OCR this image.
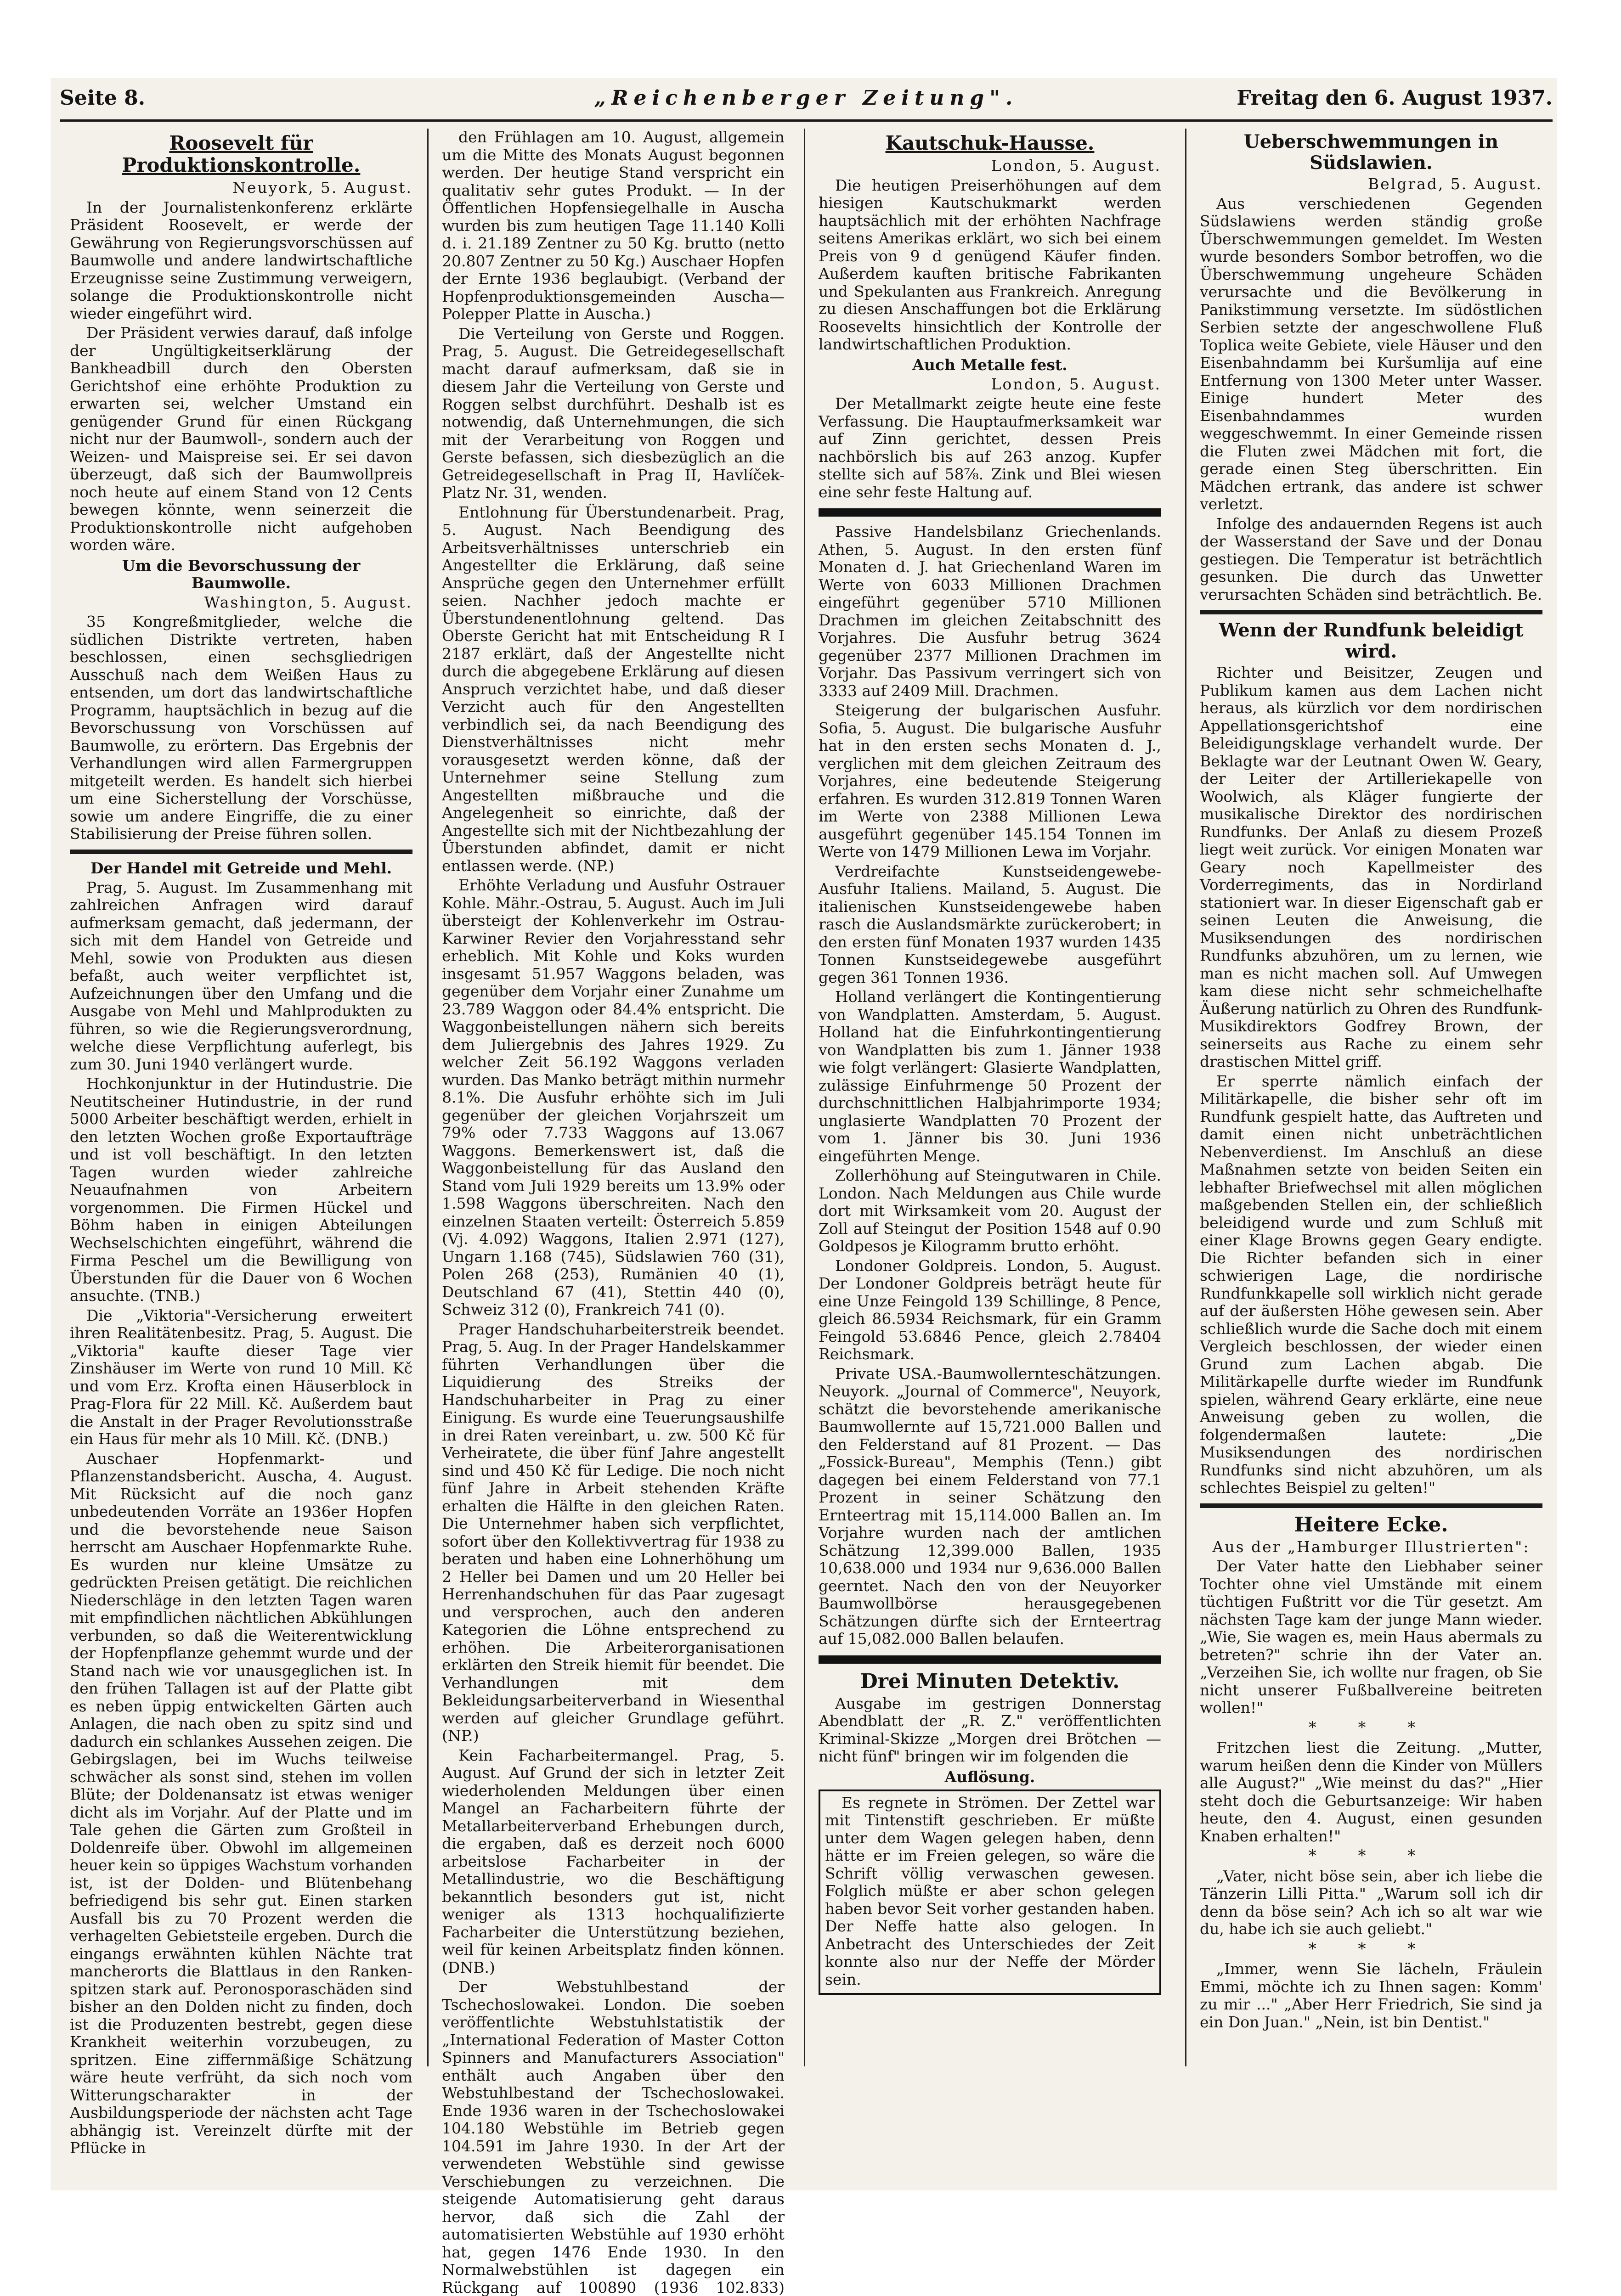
Seite 8.	„Reichenberger Zeitung".	Freitag den 6. August 1937.
Roosevelt für Produktionskontrolle.
Neuyork, 5. August.

In der Journalistenkonferenz erklärte Präsident Roosevelt, er werde der Gewährung von Regierungsvorschüssen auf Baumwolle und andere landwirtschaftliche Erzeugnisse seine Zustimmung verweigern, solange die Produktionskontrolle nicht wieder eingeführt wird.

Der Präsident verwies darauf, daß infolge der Ungültigkeitserklärung der Bankheadbill durch den Obersten Gerichtshof eine erhöhte Produktion zu erwarten sei, welcher Umstand ein genügender Grund für einen Rückgang nicht nur der Baumwoll-, sondern auch der Weizen- und Maispreise sei. Er sei davon überzeugt, daß sich der Baumwollpreis noch heute auf einem Stand von 12 Cents bewegen könnte, wenn seinerzeit die Produktionskontrolle nicht aufgehoben worden wäre.

Um die Bevorschussung der Baumwolle.
Washington, 5. August.

35 Kongreßmitglieder, welche die südlichen Distrikte vertreten, haben beschlossen, einen sechsgliedrigen Ausschuß nach dem Weißen Haus zu entsenden, um dort das landwirtschaftliche Programm, hauptsächlich in bezug auf die Bevorschussung von Vorschüssen auf Baumwolle, zu erörtern. Das Ergebnis der Verhandlungen wird allen Farmergruppen mitgeteilt werden. Es handelt sich hierbei um eine Sicherstellung der Vorschüsse, sowie um andere Eingriffe, die zu einer Stabilisierung der Preise führen sollen.

Der Handel mit Getreide und Mehl.

Prag, 5. August. Im Zusammenhang mit zahlreichen Anfragen wird darauf aufmerksam gemacht, daß jedermann, der sich mit dem Handel von Getreide und Mehl, sowie von Produkten aus diesen befaßt, auch weiter verpflichtet ist, Aufzeichnungen über den Umfang und die Ausgabe von Mehl und Mahlprodukten zu führen, so wie die Regierungsverordnung, welche diese Verpflichtung auferlegt, bis zum 30. Juni 1940 verlängert wurde.

Hochkonjunktur in der Hutindustrie. Die Neutitscheiner Hutindustrie, in der rund 5000 Arbeiter beschäftigt werden, erhielt in den letzten Wochen große Exportaufträge und ist voll beschäftigt. In den letzten Tagen wurden wieder zahlreiche Neuaufnahmen von Arbeitern vorgenommen. Die Firmen Hückel und Böhm haben in einigen Abteilungen Wechselschichten eingeführt, während die Firma Peschel um die Bewilligung von Überstunden für die Dauer von 6 Wochen ansuchte. (TNB.)

Die „Viktoria"-Versicherung erweitert ihren Realitätenbesitz. Prag, 5. August. Die „Viktoria" kaufte dieser Tage vier Zinshäuser im Werte von rund 10 Mill. Kč und vom Erz. Krofta einen Häuserblock in Prag-Flora für 22 Mill. Kč. Außerdem baut die Anstalt in der Prager Revolutionsstraße ein Haus für mehr als 10 Mill. Kč. (DNB.)

Auschaer Hopfenmarkt- und Pflanzenstandsbericht. Auscha, 4. August. Mit Rücksicht auf die noch ganz unbedeutenden Vorräte an 1936er Hopfen und die bevorstehende neue Saison herrscht am Auschaer Hopfenmarkte Ruhe. Es wurden nur kleine Umsätze zu gedrückten Preisen getätigt. Die reichlichen Niederschläge in den letzten Tagen waren mit empfindlichen nächtlichen Abkühlungen verbunden, so daß die Weiterentwicklung der Hopfenpflanze gehemmt wurde und der Stand nach wie vor unausgeglichen ist. In den frühen Tallagen ist auf der Platte gibt es neben üppig entwickelten Gärten auch Anlagen, die nach oben zu spitz sind und dadurch ein schlankes Aussehen zeigen. Die Gebirgslagen, bei im Wuchs teilweise schwächer als sonst sind, stehen im vollen Blüte; der Doldenansatz ist etwas weniger dicht als im Vorjahr. Auf der Platte und im Tale gehen die Gärten zum Großteil in Doldenreife über. Obwohl im allgemeinen heuer kein so üppiges Wachstum vorhanden ist, ist der Dolden- und Blütenbehang befriedigend bis sehr gut. Einen starken Ausfall bis zu 70 Prozent werden die verhagelten Gebietsteile ergeben. Durch die eingangs erwähnten kühlen Nächte trat mancherorts die Blattlaus in den Ranken-spitzen stark auf. Peronosporaschäden sind bisher an den Dolden nicht zu finden, doch ist die Produzenten bestrebt, gegen diese Krankheit weiterhin vorzubeugen, zu spritzen. Eine ziffernmäßige Schätzung wäre heute verfrüht, da sich noch vom Witterungscharakter in der Ausbildungsperiode der nächsten acht Tage abhängig ist. Vereinzelt dürfte mit der Pflücke in

den Frühlagen am 10. August, allgemein um die Mitte des Monats August begonnen werden. Der heutige Stand verspricht ein qualitativ sehr gutes Produkt. — In der Öffentlichen Hopfensiegelhalle in Auscha wurden bis zum heutigen Tage 11.140 Kolli d. i. 21.189 Zentner zu 50 Kg. brutto (netto 20.807 Zentner zu 50 Kg.) Auschaer Hopfen der Ernte 1936 beglaubigt. (Verband der Hopfenproduktionsgemeinden Auscha—Polepper Platte in Auscha.)

Die Verteilung von Gerste und Roggen. Prag, 5. August. Die Getreidegesellschaft macht darauf aufmerksam, daß sie in diesem Jahr die Verteilung von Gerste und Roggen selbst durchführt. Deshalb ist es notwendig, daß Unternehmungen, die sich mit der Verarbeitung von Roggen und Gerste befassen, sich diesbezüglich an die Getreidegesellschaft in Prag II, Havlíček-Platz Nr. 31, wenden.

Entlohnung für Überstundenarbeit. Prag, 5. August. Nach Beendigung des Arbeitsverhältnisses unterschrieb ein Angestellter die Erklärung, daß seine Ansprüche gegen den Unternehmer erfüllt seien. Nachher jedoch machte er Überstundenentlohnung geltend. Das Oberste Gericht hat mit Entscheidung R I 2187 erklärt, daß der Angestellte nicht durch die abgegebene Erklärung auf diesen Anspruch verzichtet habe, und daß dieser Verzicht auch für den Angestellten verbindlich sei, da nach Beendigung des Dienstverhältnisses nicht mehr vorausgesetzt werden könne, daß der Unternehmer seine Stellung zum Angestellten mißbrauche und die Angelegenheit so einrichte, daß der Angestellte sich mit der Nichtbezahlung der Überstunden abfindet, damit er nicht entlassen werde. (NP.)

Erhöhte Verladung und Ausfuhr Ostrauer Kohle. Mähr.-Ostrau, 5. August. Auch im Juli übersteigt der Kohlenverkehr im Ostrau-Karwiner Revier den Vorjahresstand sehr erheblich. Mit Kohle und Koks wurden insgesamt 51.957 Waggons beladen, was gegenüber dem Vorjahr einer Zunahme um 23.789 Waggon oder 84.4% entspricht. Die Waggonbeistellungen nähern sich bereits dem Juliergebnis des Jahres 1929. Zu welcher Zeit 56.192 Waggons verladen wurden. Das Manko beträgt mithin nurmehr 8.1%. Die Ausfuhr erhöhte sich im Juli gegenüber der gleichen Vorjahrszeit um 79% oder 7.733 Waggons auf 13.067 Waggons. Bemerkenswert ist, daß die Waggonbeistellung für das Ausland den Stand vom Juli 1929 bereits um 13.9% oder 1.598 Waggons überschreiten. Nach den einzelnen Staaten verteilt: Österreich 5.859 (Vj. 4.092) Waggons, Italien 2.971 (127), Ungarn 1.168 (745), Südslawien 760 (31), Polen 268 (253), Rumänien 40 (1), Deutschland 67 (41), Stettin 440 (0), Schweiz 312 (0), Frankreich 741 (0).

Prager Handschuharbeiterstreik beendet. Prag, 5. Aug. In der Prager Handelskammer führten Verhandlungen über die Liquidierung des Streiks der Handschuharbeiter in Prag zu einer Einigung. Es wurde eine Teuerungsaushilfe in drei Raten vereinbart, u. zw. 500 Kč für Verheiratete, die über fünf Jahre angestellt sind und 450 Kč für Ledige. Die noch nicht fünf Jahre in Arbeit stehenden Kräfte erhalten die Hälfte in den gleichen Raten. Die Unternehmer haben sich verpflichtet, sofort über den Kollektivvertrag für 1938 zu beraten und haben eine Lohnerhöhung um 2 Heller bei Damen und um 20 Heller bei Herrenhandschuhen für das Paar zugesagt und versprochen, auch den anderen Kategorien die Löhne entsprechend zu erhöhen. Die Arbeiterorganisationen erklärten den Streik hiemit für beendet. Die Verhandlungen mit dem Bekleidungsarbeiterverband in Wiesenthal werden auf gleicher Grundlage geführt. (NP.)

Kein Facharbeitermangel. Prag, 5. August. Auf Grund der sich in letzter Zeit wiederholenden Meldungen über einen Mangel an Facharbeitern führte der Metallarbeiterverband Erhebungen durch, die ergaben, daß es derzeit noch 6000 arbeitslose Facharbeiter in der Metallindustrie, wo die Beschäftigung bekanntlich besonders gut ist, nicht weniger als 1313 hochqualifizierte Facharbeiter die Unterstützung beziehen, weil für keinen Arbeitsplatz finden können. (DNB.)

Der Webstuhlbestand der Tschechoslowakei. London. Die soeben veröffentlichte Webstuhlstatistik der „International Federation of Master Cotton Spinners and Manufacturers Association" enthält auch Angaben über den Webstuhlbestand der Tschechoslowakei. Ende 1936 waren in der Tschechoslowakei 104.180 Webstühle im Betrieb gegen 104.591 im Jahre 1930. In der Art der verwendeten Webstühle sind gewisse Verschiebungen zu verzeichnen. Die steigende Automatisierung geht daraus hervor, daß sich die Zahl der automatisierten Webstühle auf 1930 erhöht hat, gegen 1476 Ende 1930. In den Normalwebstühlen ist dagegen ein Rückgang auf 100890 (1936 102.833)

Kautschuk-Hausse.
London, 5. August.

Die heutigen Preiserhöhungen auf dem hiesigen Kautschukmarkt werden hauptsächlich mit der erhöhten Nachfrage seitens Amerikas erklärt, wo sich bei einem Preis von 9 d genügend Käufer finden. Außerdem kauften britische Fabrikanten und Spekulanten aus Frankreich. Anregung zu diesen Anschaffungen bot die Erklärung Roosevelts hinsichtlich der Kontrolle der landwirtschaftlichen Produktion.

Auch Metalle fest.
London, 5. August.

Der Metallmarkt zeigte heute eine feste Verfassung. Die Hauptaufmerksamkeit war auf Zinn gerichtet, dessen Preis nachbörslich bis auf 263 anzog. Kupfer stellte sich auf 58⅞. Zink und Blei wiesen eine sehr feste Haltung auf.

Passive Handelsbilanz Griechenlands. Athen, 5. August. In den ersten fünf Monaten d. J. hat Griechenland Waren im Werte von 6033 Millionen Drachmen eingeführt gegenüber 5710 Millionen Drachmen im gleichen Zeitabschnitt des Vorjahres. Die Ausfuhr betrug 3624 gegenüber 2377 Millionen Drachmen im Vorjahr. Das Passivum verringert sich von 3333 auf 2409 Mill. Drachmen.

Steigerung der bulgarischen Ausfuhr. Sofia, 5. August. Die bulgarische Ausfuhr hat in den ersten sechs Monaten d. J., verglichen mit dem gleichen Zeitraum des Vorjahres, eine bedeutende Steigerung erfahren. Es wurden 312.819 Tonnen Waren im Werte von 2388 Millionen Lewa ausgeführt gegenüber 145.154 Tonnen im Werte von 1479 Millionen Lewa im Vorjahr.

Verdreifachte Kunstseidengewebe-Ausfuhr Italiens. Mailand, 5. August. Die italienischen Kunstseidengewebe haben rasch die Auslandsmärkte zurückerobert; in den ersten fünf Monaten 1937 wurden 1435 Tonnen Kunstseidegewebe ausgeführt gegen 361 Tonnen 1936.

Holland verlängert die Kontingentierung von Wandplatten. Amsterdam, 5. August. Holland hat die Einfuhrkontingentierung von Wandplatten bis zum 1. Jänner 1938 wie folgt verlängert: Glasierte Wandplatten, zulässige Einfuhrmenge 50 Prozent der durchschnittlichen Halbjahrimporte 1934; unglasierte Wandplatten 70 Prozent der vom 1. Jänner bis 30. Juni 1936 eingeführten Menge.

Zollerhöhung auf Steingutwaren in Chile. London. Nach Meldungen aus Chile wurde dort mit Wirksamkeit vom 20. August der Zoll auf Steingut der Position 1548 auf 0.90 Goldpesos je Kilogramm brutto erhöht.

Londoner Goldpreis. London, 5. August. Der Londoner Goldpreis beträgt heute für eine Unze Feingold 139 Schillinge, 8 Pence, gleich 86.5934 Reichsmark, für ein Gramm Feingold 53.6846 Pence, gleich 2.78404 Reichsmark.

Private USA.-Baumwollernteschätzungen. Neuyork. „Journal of Commerce", Neuyork, schätzt die bevorstehende amerikanische Baumwollernte auf 15,721.000 Ballen und den Felderstand auf 81 Prozent. — Das „Fossick-Bureau", Memphis (Tenn.) gibt dagegen bei einem Felderstand von 77.1 Prozent in seiner Schätzung den Ernteertrag mit 15,114.000 Ballen an. Im Vorjahre wurden nach der amtlichen Schätzung 12,399.000 Ballen, 1935 10,638.000 und 1934 nur 9,636.000 Ballen geerntet. Nach den von der Neuyorker Baumwollbörse herausgegebenen Schätzungen dürfte sich der Ernteertrag auf 15,082.000 Ballen belaufen.

Drei Minuten Detektiv.

Ausgabe im gestrigen Donnerstag Abendblatt der „R. Z." veröffentlichten Kriminal-Skizze „Morgen drei Brötchen — nicht fünf" bringen wir im folgenden die

Auflösung.

Es regnete in Strömen. Der Zettel war mit Tintenstift geschrieben. Er müßte unter dem Wagen gelegen haben, denn hätte er im Freien gelegen, so wäre die Schrift völlig verwaschen gewesen. Folglich müßte er aber schon gelegen haben bevor Seit vorher gestanden haben. Der Neffe hatte also gelogen. In Anbetracht des Unterschiedes der Zeit konnte also nur der Neffe der Mörder sein.

Ueberschwemmungen in Südslawien.
Belgrad, 5. August.

Aus verschiedenen Gegenden Südslawiens werden ständig große Überschwemmungen gemeldet. Im Westen wurde besonders Sombor betroffen, wo die Überschwemmung ungeheure Schäden verursachte und die Bevölkerung in Panikstimmung versetzte. Im südöstlichen Serbien setzte der angeschwollene Fluß Toplica weite Gebiete, viele Häuser und den Eisenbahndamm bei Kuršumlija auf eine Entfernung von 1300 Meter unter Wasser. Einige hundert Meter des Eisenbahndammes wurden weggeschwemmt. In einer Gemeinde rissen die Fluten zwei Mädchen mit fort, die gerade einen Steg überschritten. Ein Mädchen ertrank, das andere ist schwer verletzt.

Infolge des andauernden Regens ist auch der Wasserstand der Save und der Donau gestiegen. Die Temperatur ist beträchtlich gesunken. Die durch das Unwetter verursachten Schäden sind beträchtlich. Be.

Wenn der Rundfunk beleidigt wird.

Richter und Beisitzer, Zeugen und Publikum kamen aus dem Lachen nicht heraus, als kürzlich vor dem nordirischen Appellationsgerichtshof eine Beleidigungsklage verhandelt wurde. Der Beklagte war der Leutnant Owen W. Geary, der Leiter der Artilleriekapelle von Woolwich, als Kläger fungierte der musikalische Direktor des nordirischen Rundfunks. Der Anlaß zu diesem Prozeß liegt weit zurück. Vor einigen Monaten war Geary noch Kapellmeister des Vorderregiments, das in Nordirland stationiert war. In dieser Eigenschaft gab er seinen Leuten die Anweisung, die Musiksendungen des nordirischen Rundfunks abzuhören, um zu lernen, wie man es nicht machen soll. Auf Umwegen kam diese nicht sehr schmeichelhafte Äußerung natürlich zu Ohren des Rundfunk-Musikdirektors Godfrey Brown, der seinerseits aus Rache zu einem sehr drastischen Mittel griff.

Er sperrte nämlich einfach der Militärkapelle, die bisher sehr oft im Rundfunk gespielt hatte, das Auftreten und damit einen nicht unbeträchtlichen Nebenverdienst. Im Anschluß an diese Maßnahmen setzte von beiden Seiten ein lebhafter Briefwechsel mit allen möglichen maßgebenden Stellen ein, der schließlich beleidigend wurde und zum Schluß mit einer Klage Browns gegen Geary endigte. Die Richter befanden sich in einer schwierigen Lage, die nordirische Rundfunkkapelle soll wirklich nicht gerade auf der äußersten Höhe gewesen sein. Aber schließlich wurde die Sache doch mit einem Vergleich beschlossen, der wieder einen Grund zum Lachen abgab. Die Militärkapelle durfte wieder im Rundfunk spielen, während Geary erklärte, eine neue Anweisung geben zu wollen, die folgendermaßen lautete: „Die Musiksendungen des nordirischen Rundfunks sind nicht abzuhören, um als schlechtes Beispiel zu gelten!"

Heitere Ecke.
Aus der „Hamburger Illustrierten":

Der Vater hatte den Liebhaber seiner Tochter ohne viel Umstände mit einem tüchtigen Fußtritt vor die Tür gesetzt. Am nächsten Tage kam der junge Mann wieder. „Wie, Sie wagen es, mein Haus abermals zu betreten?" schrie ihn der Vater an. „Verzeihen Sie, ich wollte nur fragen, ob Sie nicht unserer Fußballvereine beitreten wollen!"

* * *

Fritzchen liest die Zeitung. „Mutter, warum heißen denn die Kinder von Müllers alle August?" „Wie meinst du das?" „Hier steht doch die Geburtsanzeige: Wir haben heute, den 4. August, einen gesunden Knaben erhalten!"

* * *

„Vater, nicht böse sein, aber ich liebe die Tänzerin Lilli Pitta." „Warum soll ich dir denn da böse sein? Ach ich so alt war wie du, habe ich sie auch geliebt."

* * *

„Immer, wenn Sie lächeln, Fräulein Emmi, möchte ich zu Ihnen sagen: Komm' zu mir ..." „Aber Herr Friedrich, Sie sind ja ein Don Juan." „Nein, ist bin Dentist."
